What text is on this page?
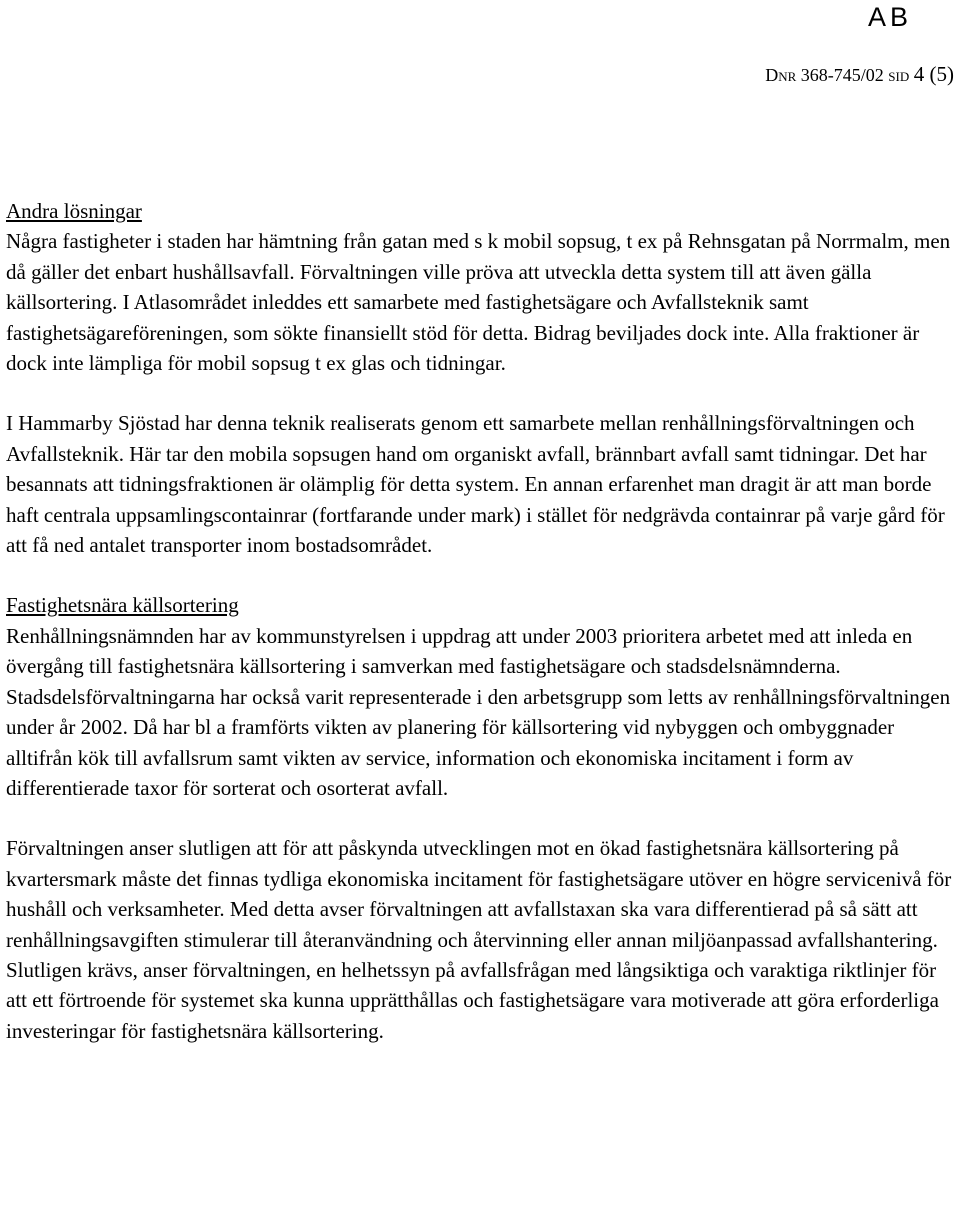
AB
Dnr 368-745/02 sid 4 (5)
Andra lösningar

Några fastigheter i staden har hämtning från gatan med s k mobil sopsug, t ex på Rehnsgatan på Norrmalm, men då gäller det enbart hushållsavfall. Förvaltningen ville pröva att utveckla detta system till att även gälla källsortering. I Atlasområdet inleddes ett samarbete med fastighetsägare och Avfallsteknik samt fastighetsägareföreningen, som sökte finansiellt stöd för detta. Bidrag beviljades dock inte. Alla fraktioner är dock inte lämpliga för mobil sopsug t ex glas och tidningar.

I Hammarby Sjöstad har denna teknik realiserats genom ett samarbete mellan renhållningsförvaltningen och Avfallsteknik. Här tar den mobila sopsugen hand om organiskt avfall, brännbart avfall samt tidningar. Det har besannats att tidningsfraktionen är olämplig för detta system. En annan erfarenhet man dragit är att man borde haft centrala uppsamlingscontainrar (fortfarande under mark) i stället för nedgrävda containrar på varje gård för att få ned antalet transporter inom bostadsområdet.

Fastighetsnära källsortering

Renhållningsnämnden har av kommunstyrelsen i uppdrag att under 2003 prioritera arbetet med att inleda en övergång till fastighetsnära källsortering i samverkan med fastighetsägare och stadsdelsnämnderna. Stadsdelsförvaltningarna har också varit representerade i den arbetsgrupp som letts av renhållningsförvaltningen under år 2002. Då har bl a framförts vikten av planering för källsortering vid nybyggen och ombyggnader alltifrån kök till avfallsrum samt vikten av service, information och ekonomiska incitament i form av differentierade taxor för sorterat och osorterat avfall.

Förvaltningen anser slutligen att för att påskynda utvecklingen mot en ökad fastighetsnära källsortering på kvartersmark måste det finnas tydliga ekonomiska incitament för fastighetsägare utöver en högre servicenivå för hushåll och verksamheter. Med detta avser förvaltningen att avfallstaxan ska vara differentierad på så sätt att renhållningsavgiften stimulerar till återanvändning och återvinning eller annan miljöanpassad avfallshantering. Slutligen krävs, anser förvaltningen, en helhetssyn på avfallsfrågan med långsiktiga och varaktiga riktlinjer för att ett förtroende för systemet ska kunna upprätthållas och fastighetsägare vara motiverade att göra erforderliga investeringar för fastighetsnära källsortering.
